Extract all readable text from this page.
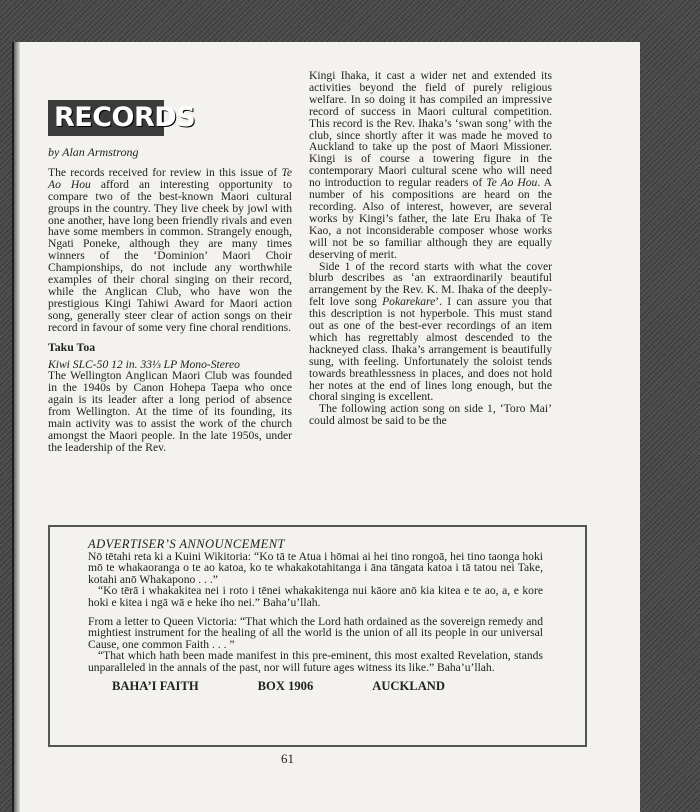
RECORDS

by Alan Armstrong

The records received for review in this issue of Te Ao Hou afford an interesting opportunity to compare two of the best-known Maori cultural groups in the country. They live cheek by jowl with one another, have long been friendly rivals and even have some members in common. Strangely enough, Ngati Poneke, although they are many times winners of the ‘Dominion’ Maori Choir Championships, do not include any worthwhile examples of their choral singing on their record, while the Anglican Club, who have won the prestigious Kingi Tahiwi Award for Maori action song, generally steer clear of action songs on their record in favour of some very fine choral renditions.

Taku Toa

Kiwi SLC-50 12 in. 33⅓ LP Mono-Stereo

The Wellington Anglican Maori Club was founded in the 1940s by Canon Hohepa Taepa who once again is its leader after a long period of absence from Wellington. At the time of its founding, its main activity was to assist the work of the church amongst the Maori people. In the late 1950s, under the leadership of the Rev.

Kingi Ihaka, it cast a wider net and extended its activities beyond the field of purely religious welfare. In so doing it has compiled an impressive record of success in Maori cultural competition. This record is the Rev. Ihaka’s ‘swan song’ with the club, since shortly after it was made he moved to Auckland to take up the post of Maori Missioner. Kingi is of course a towering figure in the contemporary Maori cultural scene who will need no introduction to regular readers of Te Ao Hou. A number of his compositions are heard on the recording. Also of interest, however, are several works by Kingi’s father, the late Eru Ihaka of Te Kao, a not inconsiderable composer whose works will not be so familiar although they are equally deserving of merit.

Side 1 of the record starts with what the cover blurb describes as ‘an extraordinarily beautiful arrangement by the Rev. K. M. Ihaka of the deeply-felt love song Pokarekare’. I can assure you that this description is not hyperbole. This must stand out as one of the best-ever recordings of an item which has regrettably almost descended to the hackneyed class. Ihaka’s arrangement is beautifully sung, with feeling. Unfortunately the soloist tends towards breathlessness in places, and does not hold her notes at the end of lines long enough, but the choral singing is excellent.

The following action song on side 1, ‘Toro Mai’ could almost be said to be the

ADVERTISER’S ANNOUNCEMENT

Nō tētahi reta ki a Kuini Wikitoria: “Ko tā te Atua i hōmai ai hei tino rongoā, hei tino taonga hoki mō te whakaoranga o te ao katoa, ko te whakakotahitanga i āna tāngata katoa i tā tatou nei Take, kotahi anō Whakapono . . .”

“Ko tērā i whakakitea nei i roto i tēnei whakakitenga nui kāore anō kia kitea e te ao, a, e kore hoki e kitea i ngā wā e heke iho nei.” Baha’u’llah.

From a letter to Queen Victoria: “That which the Lord hath ordained as the sovereign remedy and mightiest instrument for the healing of all the world is the union of all its people in our universal Cause, one common Faith . . . ”

“That which hath been made manifest in this pre-eminent, this most exalted Revelation, stands unparalleled in the annals of the past, nor will future ages witness its like.” Baha’u’llah.

BAHA’I FAITH	BOX 1906	AUCKLAND
61
